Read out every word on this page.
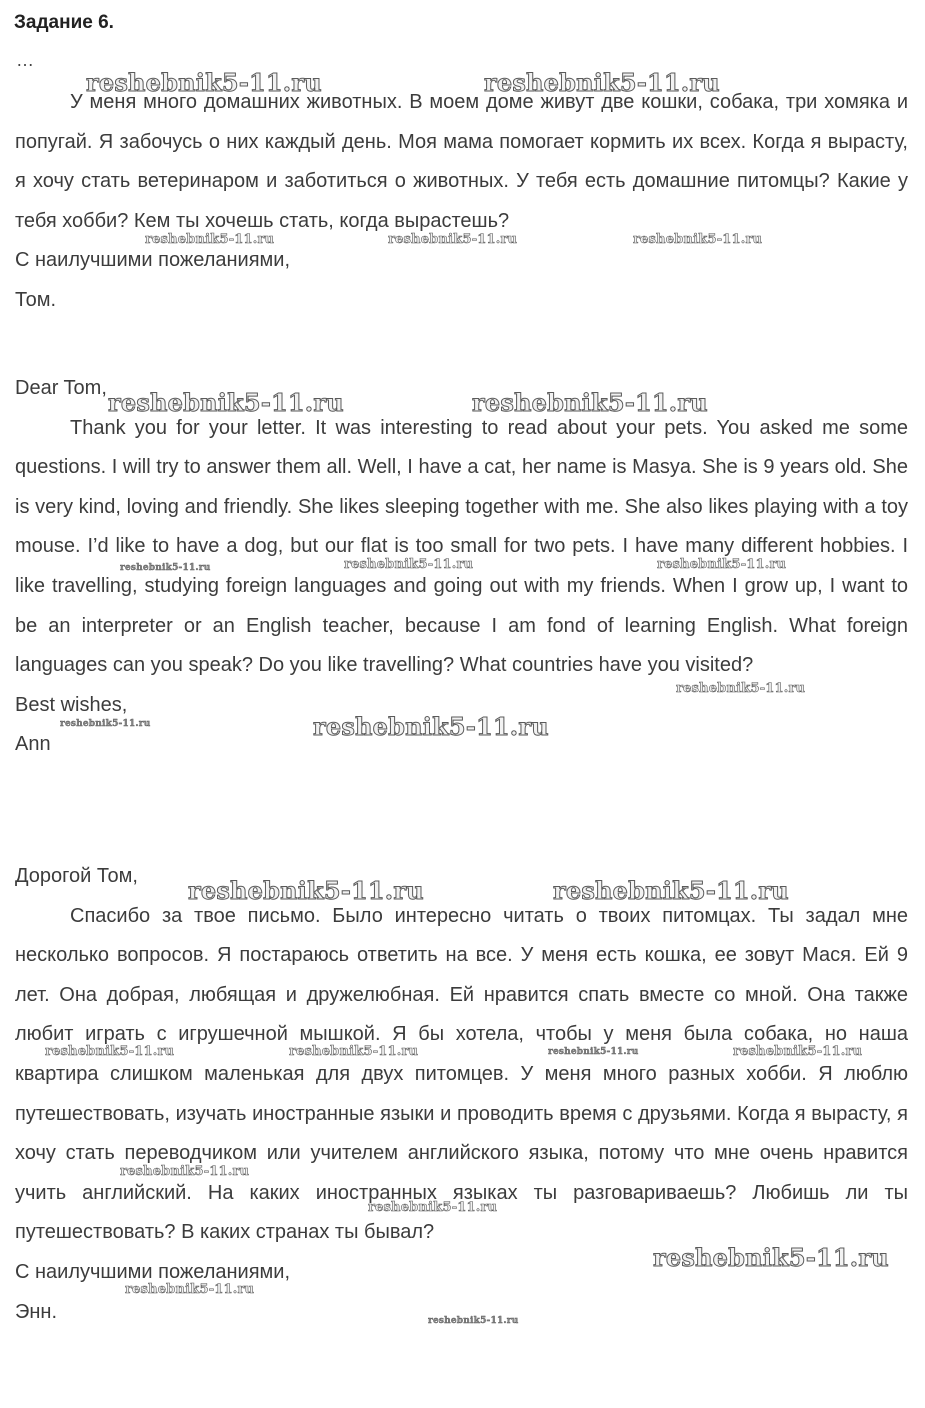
Задание 6.
…

У меня много домашних животных. В моем доме живут две кошки, собака, три хомяка и попугай. Я забочусь о них каждый день. Моя мама помогает кормить их всех. Когда я вырасту, я хочу стать ветеринаром и заботиться о животных. У тебя есть домашние питомцы? Какие у тебя хобби? Кем ты хочешь стать, когда вырастешь?

С наилучшими пожеланиями,

Том.

Dear Tom,

Thank you for your letter. It was interesting to read about your pets. You asked me some questions. I will try to answer them all. Well, I have a cat, her name is Masya. She is 9 years old. She is very kind, loving and friendly. She likes sleeping together with me. She also likes playing with a toy mouse. I’d like to have a dog, but our flat is too small for two pets. I have many different hobbies. I like travelling, studying foreign languages and going out with my friends. When I grow up, I want to be an interpreter or an English teacher, because I am fond of learning English. What foreign languages can you speak? Do you like travelling? What countries have you visited?

Best wishes,

Ann

Дорогой Том,

Спасибо за твое письмо. Было интересно читать о твоих питомцах. Ты задал мне несколько вопросов. Я постараюсь ответить на все. У меня есть кошка, ее зовут Мася. Ей 9 лет. Она добрая, любящая и дружелюбная. Ей нравится спать вместе со мной. Она также любит играть с игрушечной мышкой. Я бы хотела, чтобы у меня была собака, но наша квартира слишком маленькая для двух питомцев. У меня много разных хобби. Я люблю путешествовать, изучать иностранные языки и проводить время с друзьями. Когда я вырасту, я хочу стать переводчиком или учителем английского языка, потому что мне очень нравится учить английский. На каких иностранных языках ты разговариваешь? Любишь ли ты путешествовать? В каких странах ты бывал?

С наилучшими пожеланиями,

Энн.

reshebnik5-11.ru	reshebnik5-11.ru
reshebnik5-11.ru	reshebnik5-11.ru	reshebnik5-11.ru
reshebnik5-11.ru	reshebnik5-11.ru
reshebnik5-11.ru	reshebnik5-11.ru	reshebnik5-11.ru
reshebnik5-11.ru
reshebnik5-11.ru	reshebnik5-11.ru
reshebnik5-11.ru	reshebnik5-11.ru
reshebnik5-11.ru	reshebnik5-11.ru	reshebnik5-11.ru	reshebnik5-11.ru
reshebnik5-11.ru
reshebnik5-11.ru
reshebnik5-11.ru
reshebnik5-11.ru
reshebnik5-11.ru
